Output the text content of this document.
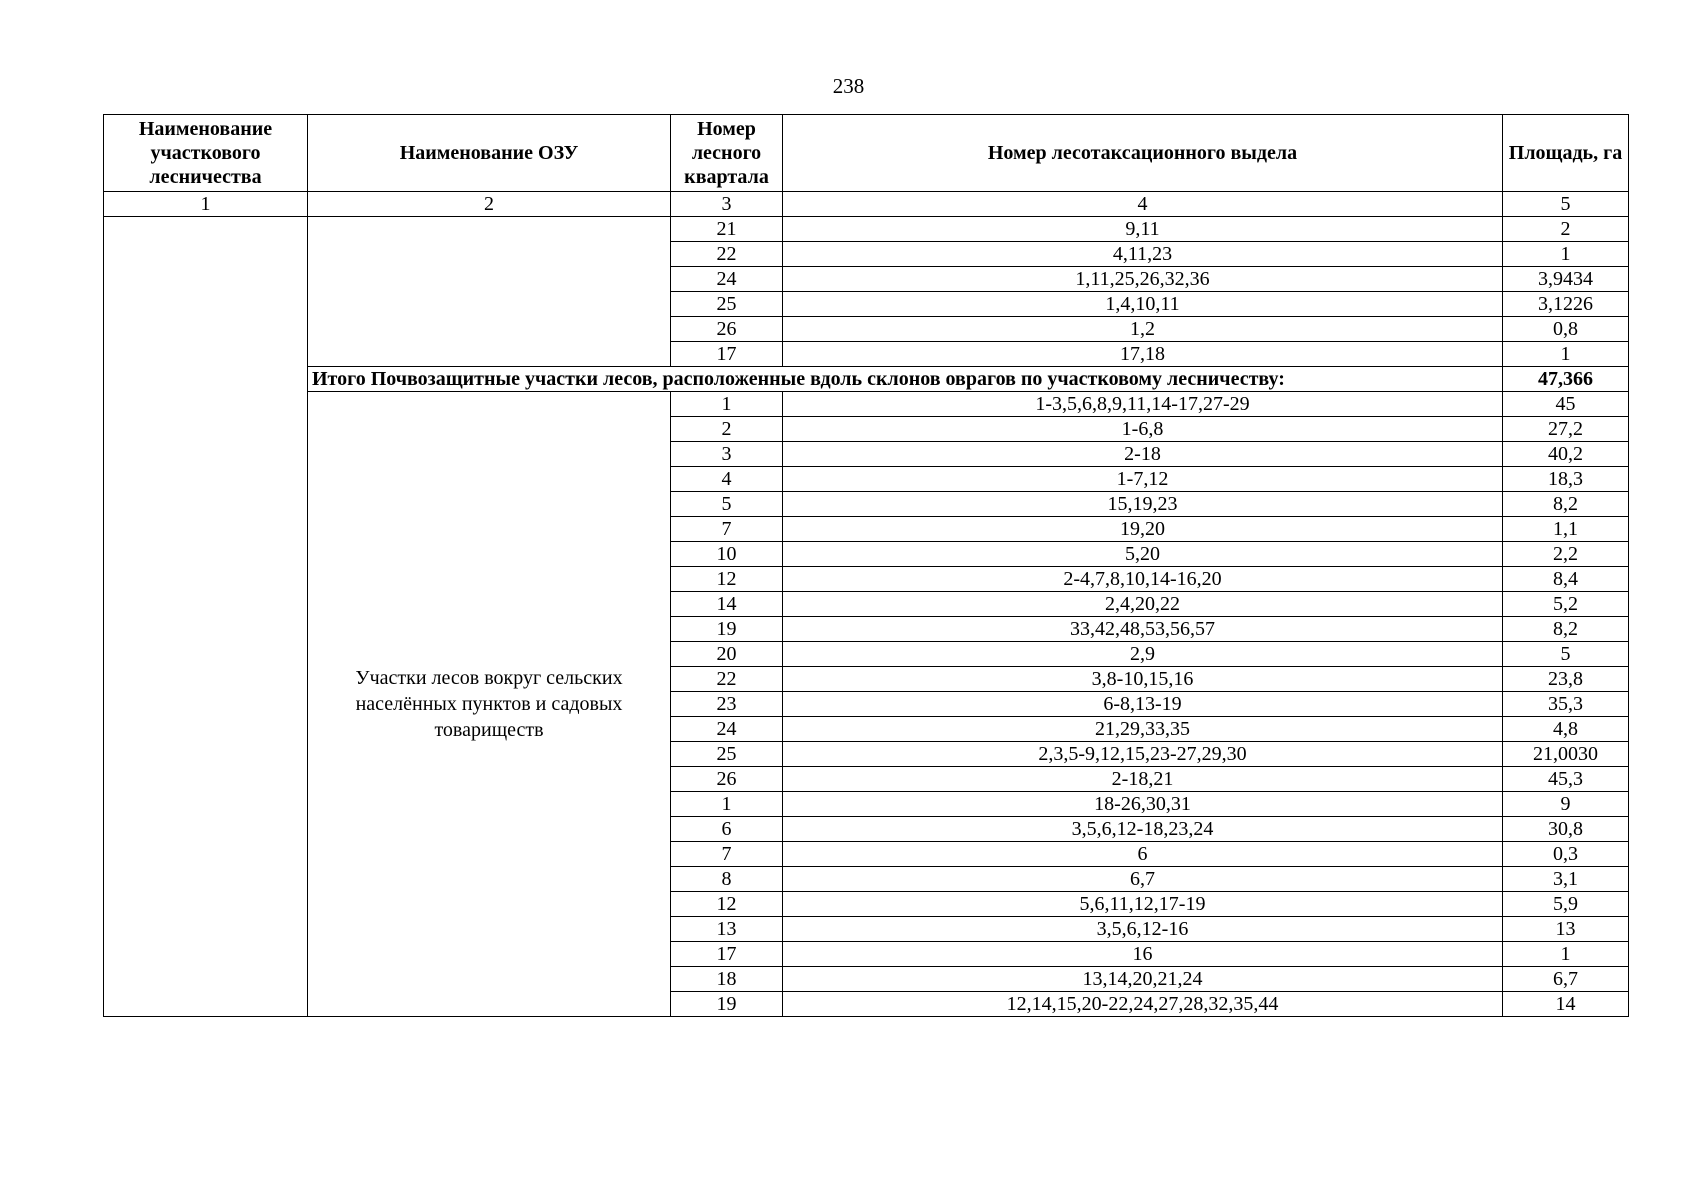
238
Наименование участкового лесничества	Наименование ОЗУ	Номер лесного квартала	Номер лесотаксационного выдела	Площадь, га
1	2	3	4	5
		21	9,11	2
		22	4,11,23	1
		24	1,11,25,26,32,36	3,9434
		25	1,4,10,11	3,1226
		26	1,2	0,8
		17	17,18	1
	Итого Почвозащитные участки лесов, расположенные вдоль склонов оврагов по участковому лесничеству:			47,366
	Участки лесов вокруг сельских населённых пунктов и садовых товариществ	1	1-3,5,6,8,9,11,14-17,27-29	45
		2	1-6,8	27,2
		3	2-18	40,2
		4	1-7,12	18,3
		5	15,19,23	8,2
		7	19,20	1,1
		10	5,20	2,2
		12	2-4,7,8,10,14-16,20	8,4
		14	2,4,20,22	5,2
		19	33,42,48,53,56,57	8,2
		20	2,9	5
		22	3,8-10,15,16	23,8
		23	6-8,13-19	35,3
		24	21,29,33,35	4,8
		25	2,3,5-9,12,15,23-27,29,30	21,0030
		26	2-18,21	45,3
		1	18-26,30,31	9
		6	3,5,6,12-18,23,24	30,8
		7	6	0,3
		8	6,7	3,1
		12	5,6,11,12,17-19	5,9
		13	3,5,6,12-16	13
		17	16	1
		18	13,14,20,21,24	6,7
		19	12,14,15,20-22,24,27,28,32,35,44	14
